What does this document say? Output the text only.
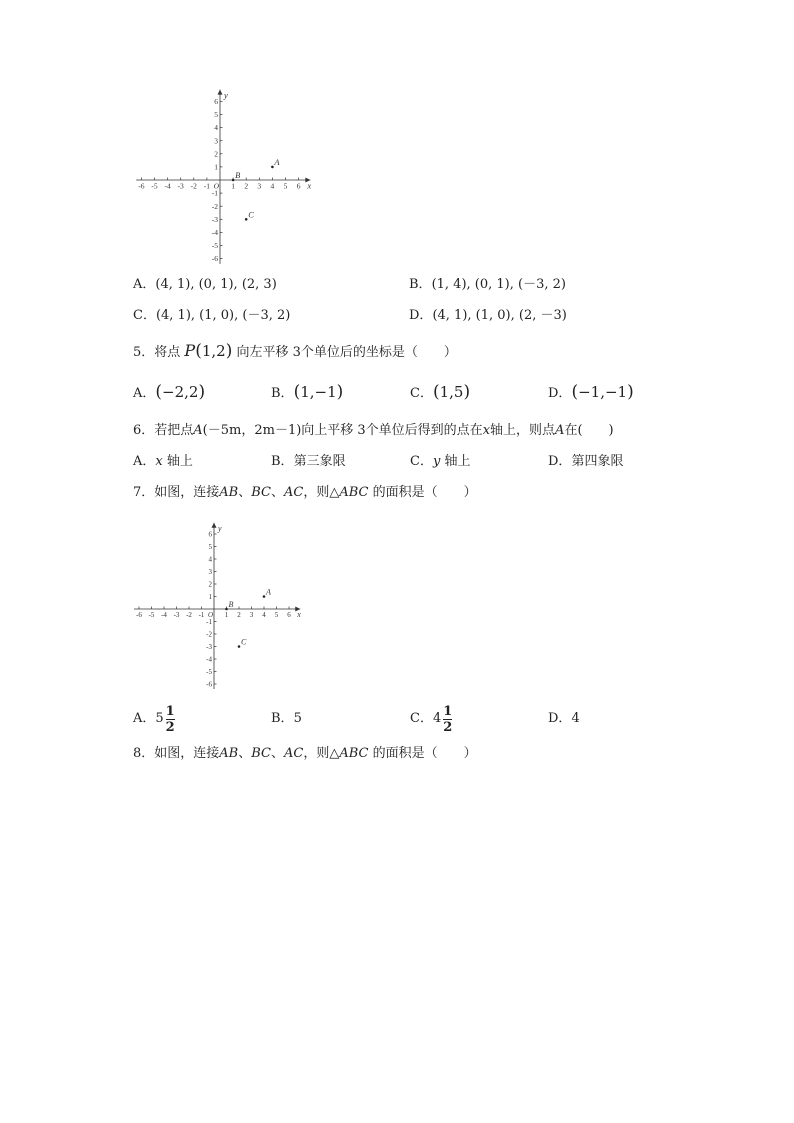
-6 -5 -4 -3 -2 -1	1 2 3 4 5 6
-6
-5
-4
-3
-2
-1
1
2
3
4
5
6
x
y
O
A
B
C
A．(4, 1), (0, 1), (2, 3)	B．(1, 4), (0, 1), (－3, 2)
C．(4, 1), (1, 0), (－3, 2)	D．(4, 1), (1, 0), (2, －3)
5．将点 P(1,2) 向左平移 3个单位后的坐标是（　　）
A．(−2,2)	B．(1,−1)	C．(1,5)	D．(−1,−1)
6．若把点A(－5m，2m－1)向上平移 3个单位后得到的点在x轴上，则点A在(　　)
A．x 轴上	B．第三象限	C．y 轴上	D．第四象限
7．如图，连接AB、BC、AC，则△ABC 的面积是（　　）
-6 -5 -4 -3 -2 -1	1 2 3 4 5 6
-6
-5
-4
-3
-2
-1
1
2
3
4
5
6
x
y
O
A
B
C
A． $5 \frac{1}{2}$	B．5	C． $4 \frac{1}{2}$	D．4
8．如图，连接AB、BC、AC，则△ABC 的面积是（　　）
